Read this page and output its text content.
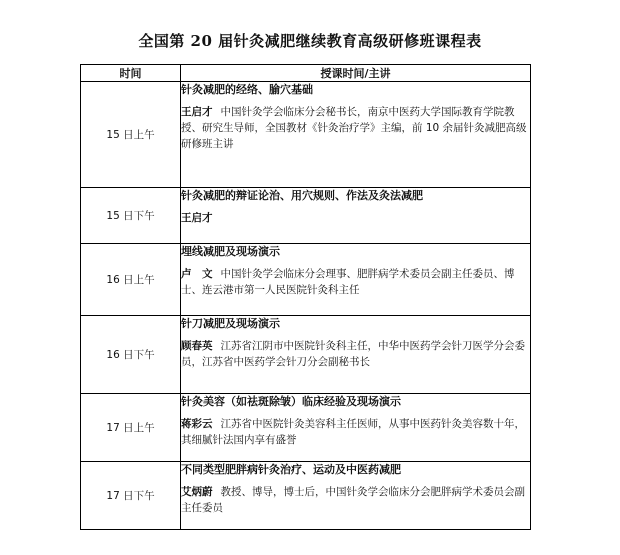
全国第 20 届针灸减肥继续教育高级研修班课程表
时间	授课时间/主讲
15 日上午	针灸减肥的经络、腧穴基础
王启才 中国针灸学会临床分会秘书长，南京中医药大学国际教育学院教授、研究生导师，全国教材《针灸治疗学》主编，前 10 余届针灸减肥高级研修班主讲

15 日下午	针灸减肥的辩证论治、用穴规则、作法及灸法减肥
王启才

16 日上午	埋线减肥及现场演示
卢　文 中国针灸学会临床分会理事、肥胖病学术委员会副主任委员、博士、连云港市第一人民医院针灸科主任

16 日下午	针刀减肥及现场演示
顾春英 江苏省江阴市中医院针灸科主任，中华中医药学会针刀医学分会委员，江苏省中医药学会针刀分会副秘书长

17 日上午	针灸美容（如祛斑除皱）临床经验及现场演示
蒋彩云 江苏省中医院针灸美容科主任医师，从事中医药针灸美容数十年，其细腻针法国内享有盛誉

17 日下午	不同类型肥胖病针灸治疗、运动及中医药减肥
艾炳蔚 教授、博导，博士后，中国针灸学会临床分会肥胖病学术委员会副主任委员
